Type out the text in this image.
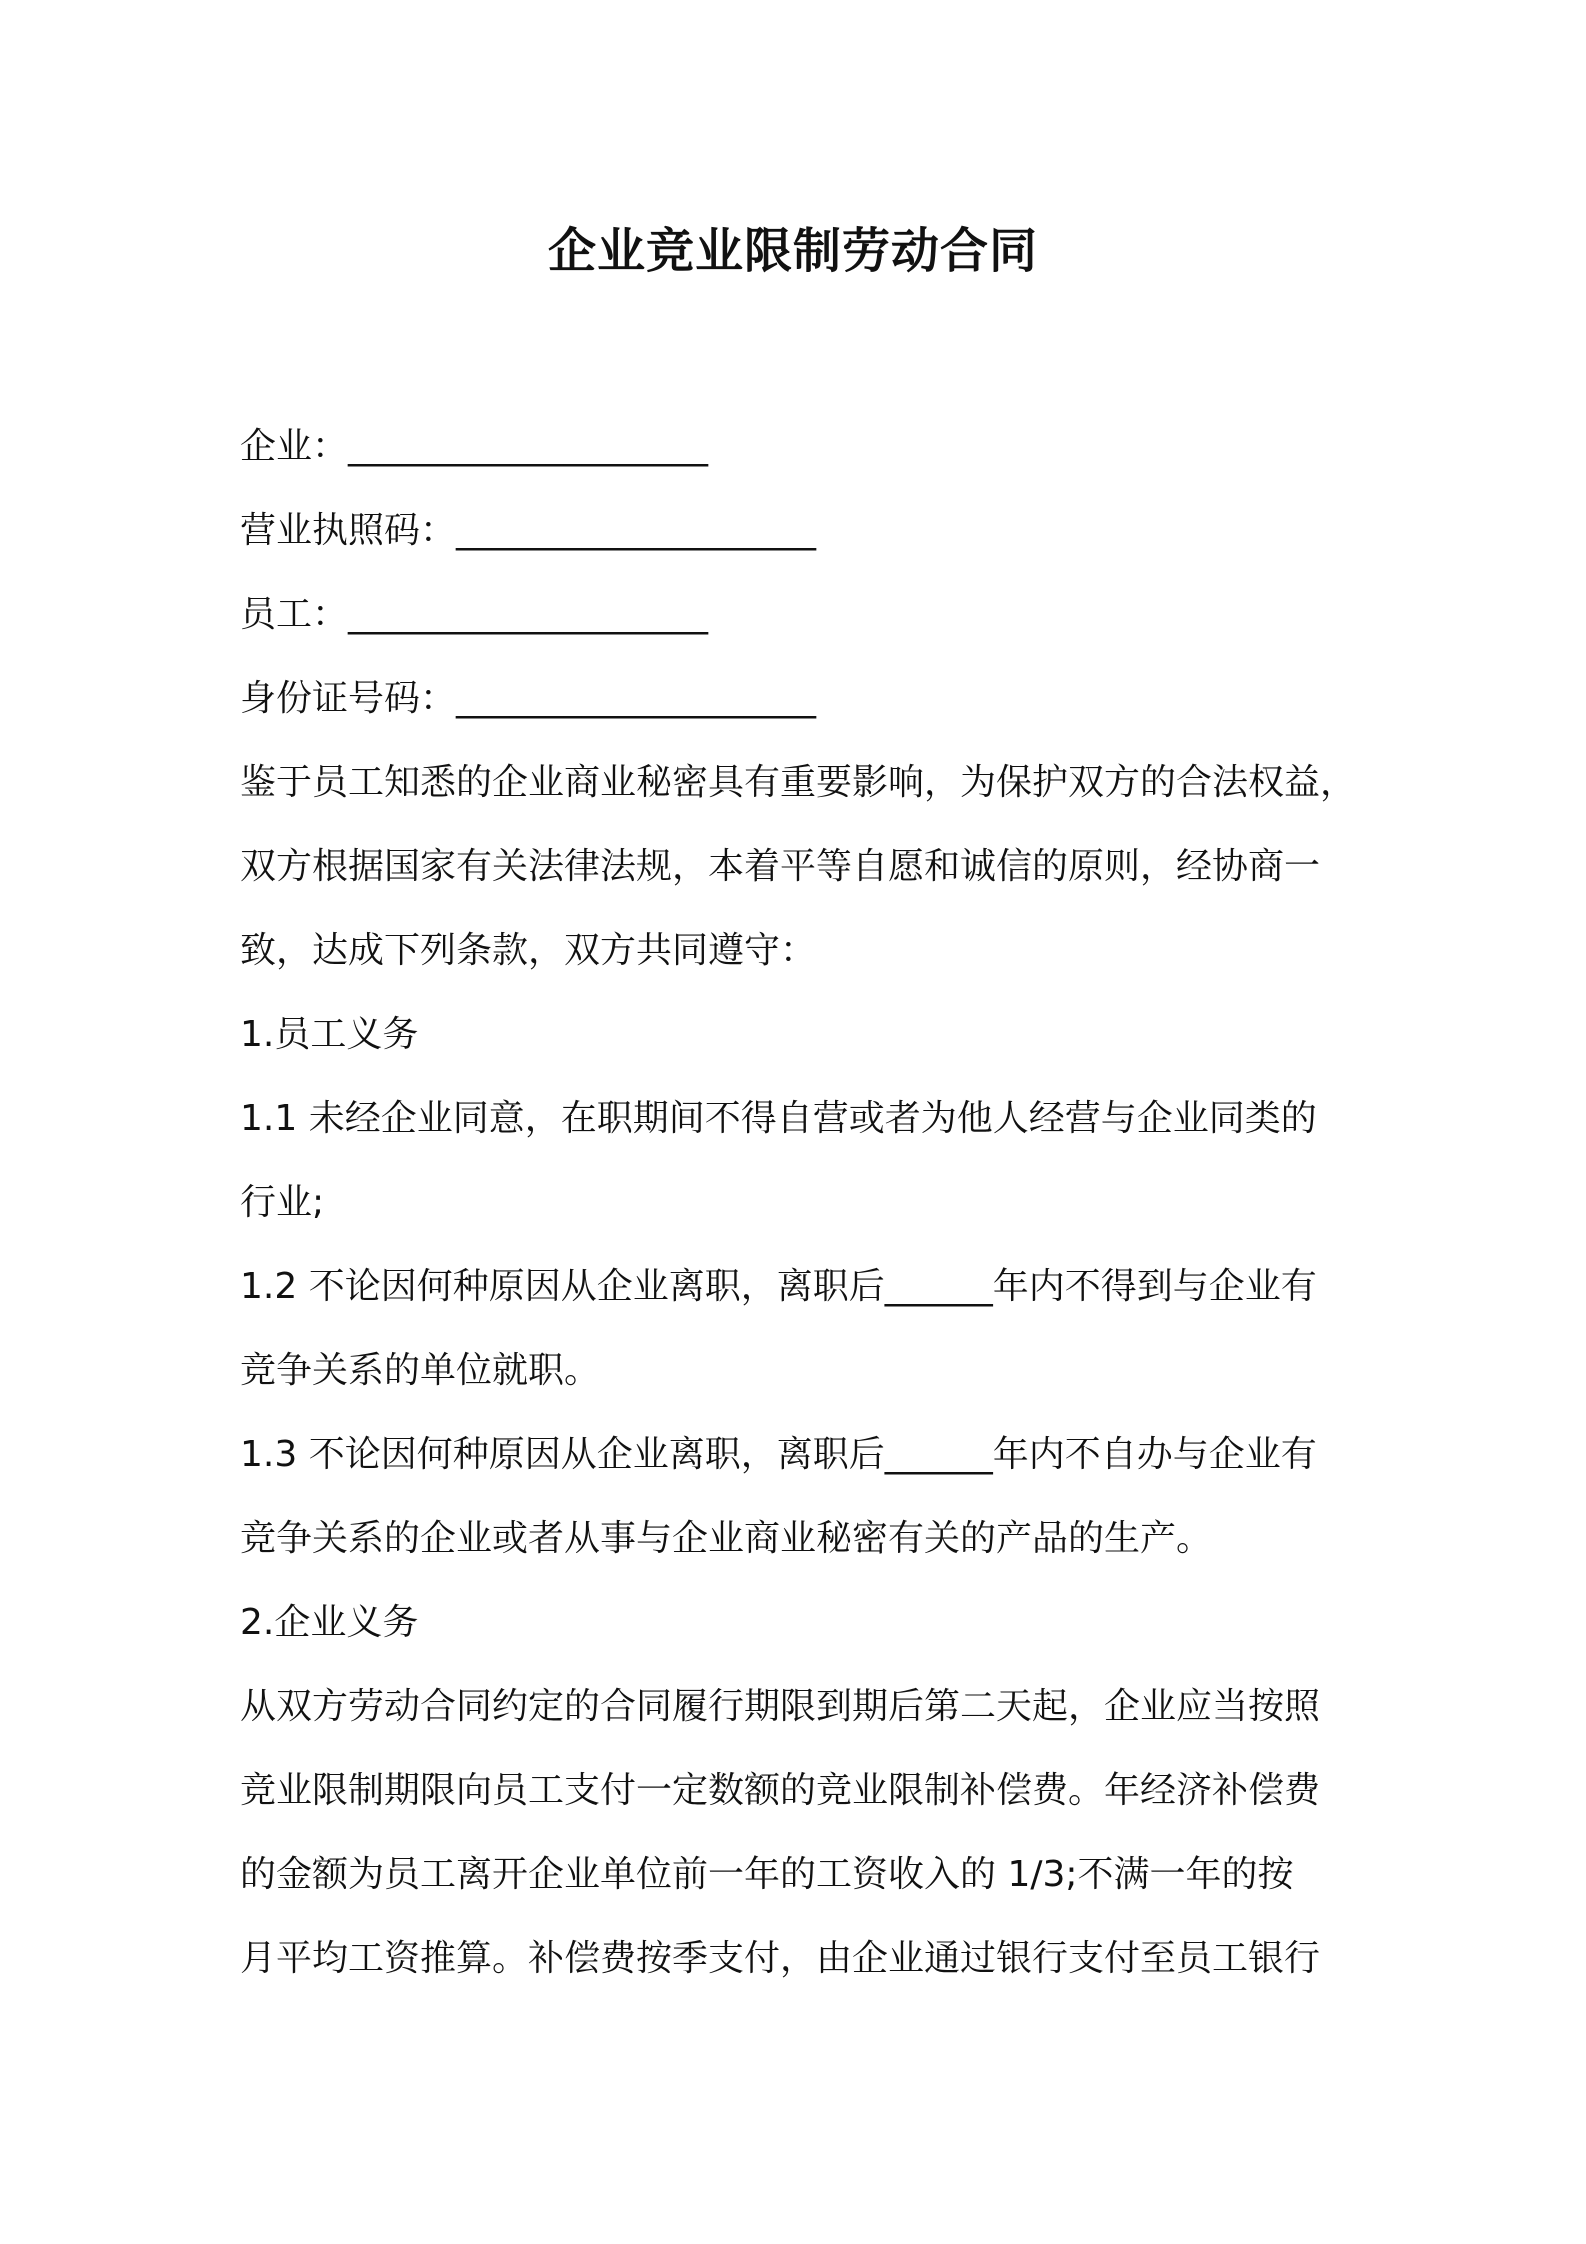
企业竞业限制劳动合同
企业：____________________
营业执照码：____________________
员工：____________________
身份证号码：____________________
鉴于员工知悉的企业商业秘密具有重要影响，为保护双方的合法权益，
双方根据国家有关法律法规，本着平等自愿和诚信的原则，经协商一
致，达成下列条款，双方共同遵守：
1.员工义务
1.1 未经企业同意，在职期间不得自营或者为他人经营与企业同类的
行业;
1.2 不论因何种原因从企业离职，离职后______年内不得到与企业有
竞争关系的单位就职。
1.3 不论因何种原因从企业离职，离职后______年内不自办与企业有
竞争关系的企业或者从事与企业商业秘密有关的产品的生产。
2.企业义务
从双方劳动合同约定的合同履行期限到期后第二天起，企业应当按照
竞业限制期限向员工支付一定数额的竞业限制补偿费。年经济补偿费
的金额为员工离开企业单位前一年的工资收入的 1/3;不满一年的按
月平均工资推算。补偿费按季支付，由企业通过银行支付至员工银行
